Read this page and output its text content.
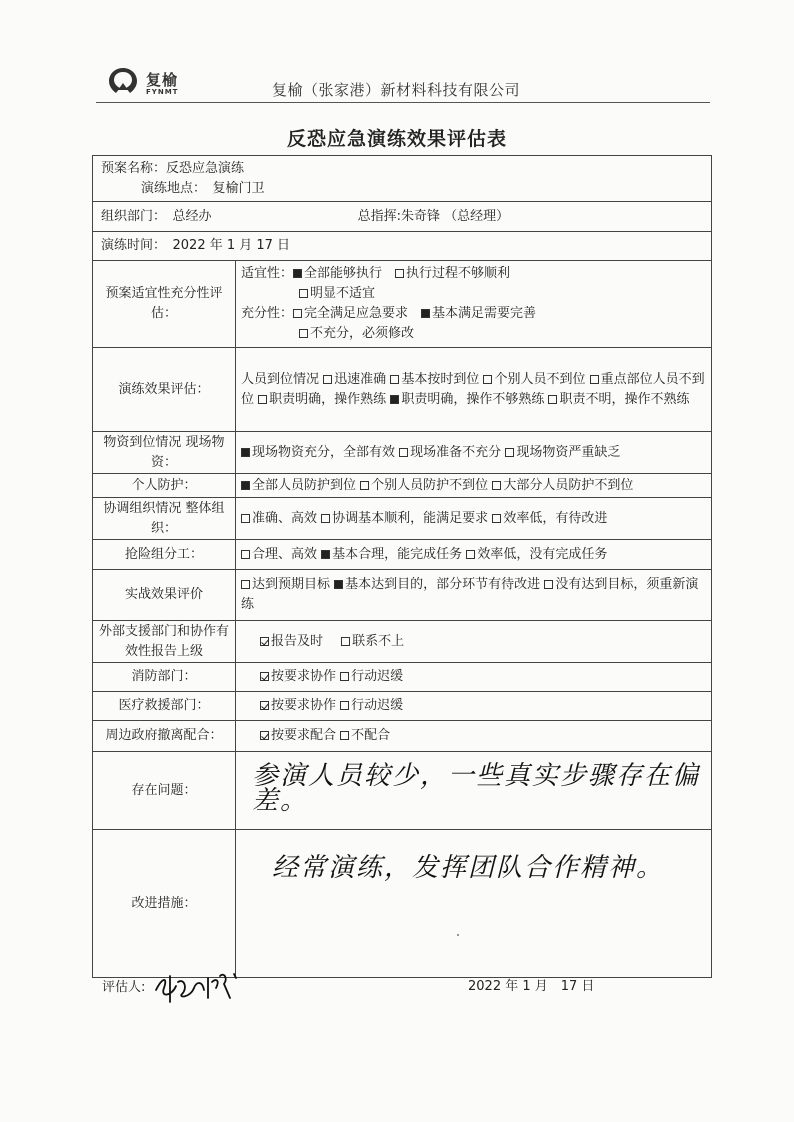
复榆
FYNMT	复榆（张家港）新材料科技有限公司
反恐应急演练效果评估表
预案名称：反恐应急演练
演练地点：　复榆门卫	

组织部门：　总经办 总指挥:朱奇锋 （总经理）	
演练时间：　2022 年 1 月 17 日	
预案适宜性充分性评估：	适宜性： 全部能够执行　 执行过程不够顺利
明显不适宜
充分性： 完全满足应急要求　 基本满足需要完善
不充分，必须修改

演练效果评估：	人员到位情况 迅速准确 基本按时到位 个别人员不到位 重点部位人员不到位 职责明确，操作熟练 职责明确，操作不够熟练 职责不明，操作不熟练
物资到位情况 现场物资：	现场物资充分，全部有效 现场准备不充分 现场物资严重缺乏
个人防护：	全部人员防护到位 个别人员防护不到位 大部分人员防护不到位
协调组织情况 整体组织：	准确、高效 协调基本顺利，能满足要求 效率低，有待改进
抢险组分工：	合理、高效 基本合理，能完成任务 效率低，没有完成任务
实战效果评价	达到预期目标 基本达到目的，部分环节有待改进 没有达到目标，须重新演练
外部支援部门和协作有效性报告上级	报告及时 联系不上
消防部门：	按要求协作 行动迟缓
医疗救援部门：	按要求协作 行动迟缓
周边政府撤离配合：	按要求配合 不配合
存在问题：	参演人员较少，一些真实步骤存在偏差。
改进措施：	经常演练，发挥团队合作精神。
评估人:	2022 年 1 月　17 日
